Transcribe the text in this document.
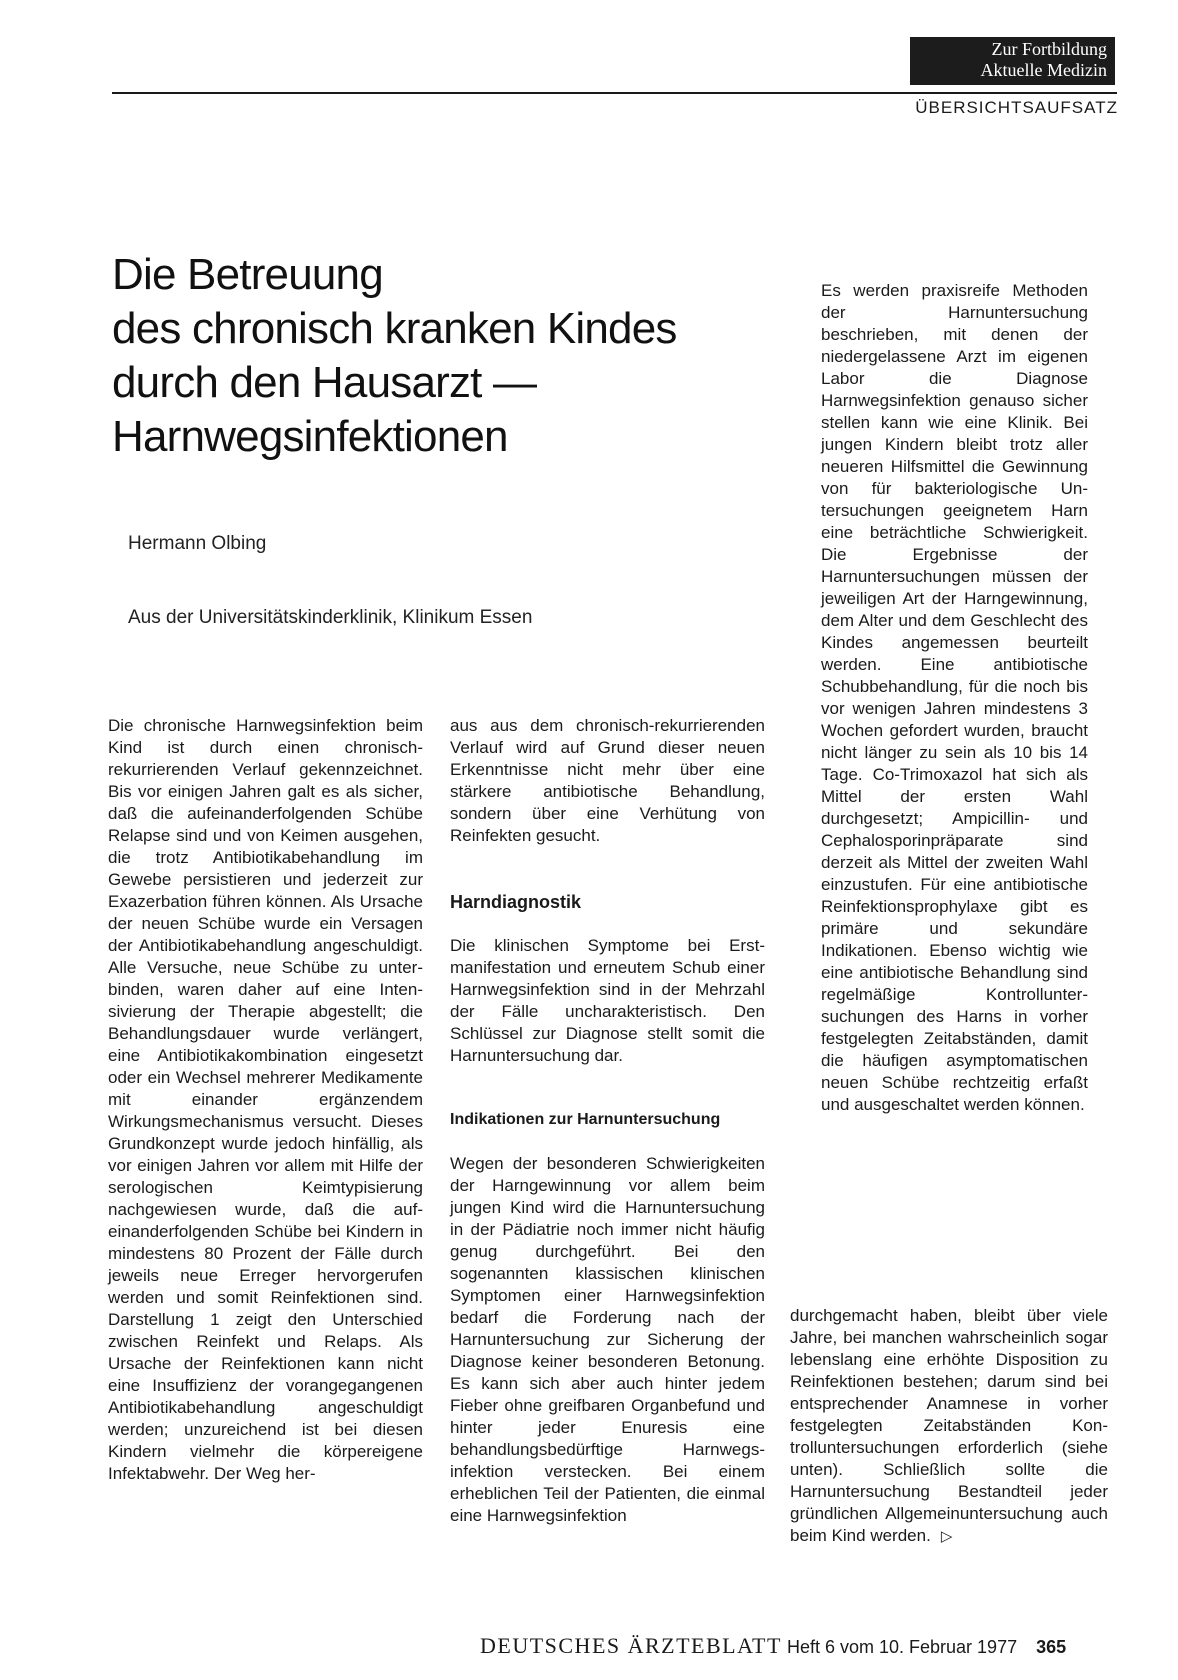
Zur Fortbildung
Aktuelle Medizin
ÜBERSICHTSAUFSATZ
Die Betreuung
des chronisch kranken Kindes
durch den Hausarzt —
Harnwegsinfektionen
Hermann Olbing
Aus der Universitätskinderklinik, Klinikum Essen

Die chronische Harnwegsinfektion beim Kind ist durch einen chronisch-rekurrierenden Verlauf gekennzeichnet. Bis vor einigen Jahren galt es als sicher, daß die aufeinanderfolgenden Schübe Relapse sind und von Keimen ausgehen, die trotz Antibiotikabehandlung im Gewebe persistieren und jederzeit zur Exazerbation führen können. Als Ursache der neuen Schübe wurde ein Versagen der Antibiotikabehandlung angeschuldigt. Alle Versuche, neue Schübe zu unterbinden, waren daher auf eine Intensivierung der Therapie abgestellt; die Behandlungsdauer wurde verlängert, eine Antibiotikakombination eingesetzt oder ein Wechsel mehrerer Medikamente mit einander ergänzendem Wirkungsmechanismus versucht. Dieses Grundkonzept wurde jedoch hinfällig, als vor einigen Jahren vor allem mit Hilfe der serologischen Keimtypisierung nachgewiesen wurde, daß die aufeinanderfolgenden Schübe bei Kindern in mindestens 80 Prozent der Fälle durch jeweils neue Erreger hervorgerufen werden und somit Reinfektionen sind. Darstellung 1 zeigt den Unterschied zwischen Reinfekt und Relaps. Als Ursache der Reinfektionen kann nicht eine Insuffizienz der vorangegangenen Antibiotikabehandlung angeschuldigt werden; unzureichend ist bei diesen Kindern vielmehr die körpereigene Infektabwehr. Der Weg her-

aus aus dem chronisch-rekurrierenden Verlauf wird auf Grund dieser neuen Erkenntnisse nicht mehr über eine stärkere antibiotische Behandlung, sondern über eine Verhütung von Reinfekten gesucht.

Harndiagnostik

Die klinischen Symptome bei Erstmanifestation und erneutem Schub einer Harnwegsinfektion sind in der Mehrzahl der Fälle uncharakteristisch. Den Schlüssel zur Diagnose stellt somit die Harnuntersuchung dar.

Indikationen zur Harnuntersuchung

Wegen der besonderen Schwierigkeiten der Harngewinnung vor allem beim jungen Kind wird die Harnuntersuchung in der Pädiatrie noch immer nicht häufig genug durchgeführt. Bei den sogenannten klassischen klinischen Symptomen einer Harnwegsinfektion bedarf die Forderung nach der Harnuntersuchung zur Sicherung der Diagnose keiner besonderen Betonung. Es kann sich aber auch hinter jedem Fieber ohne greifbaren Organbefund und hinter jeder Enuresis eine behandlungsbedürftige Harnwegsinfektion verstecken. Bei einem erheblichen Teil der Patienten, die einmal eine Harnwegsinfektion

Es werden praxisreife Methoden der Harnuntersuchung beschrieben, mit denen der niedergelassene Arzt im eigenen Labor die Diagnose Harnwegsinfektion genauso sicher stellen kann wie eine Klinik. Bei jungen Kindern bleibt trotz aller neueren Hilfsmittel die Gewinnung von für bakteriologische Untersuchungen geeignetem Harn eine beträchtliche Schwierigkeit. Die Ergebnisse der Harnuntersuchungen müssen der jeweiligen Art der Harngewinnung, dem Alter und dem Geschlecht des Kindes angemessen beurteilt werden. Eine antibiotische Schubbehandlung, für die noch bis vor wenigen Jahren mindestens 3 Wochen gefordert wurden, braucht nicht länger zu sein als 10 bis 14 Tage. Co-Trimoxazol hat sich als Mittel der ersten Wahl durchgesetzt; Ampicillin- und Cephalosporinpräparate sind derzeit als Mittel der zweiten Wahl einzustufen. Für eine antibiotische Reinfektionsprophylaxe gibt es primäre und sekundäre Indikationen. Ebenso wichtig wie eine antibiotische Behandlung sind regelmäßige Kontrolluntersuchungen des Harns in vorher festgelegten Zeitabständen, damit die häufigen asymptomatischen neuen Schübe rechtzeitig erfaßt und ausgeschaltet werden können.

durchgemacht haben, bleibt über viele Jahre, bei manchen wahrscheinlich sogar lebenslang eine erhöhte Disposition zu Reinfektionen bestehen; darum sind bei entsprechender Anamnese in vorher festgelegten Zeitabständen Kontrolluntersuchungen erforderlich (siehe unten). Schließlich sollte die Harnuntersuchung Bestandteil jeder gründlichen Allgemeinuntersuchung auch beim Kind werden. ▷

DEUTSCHES ÄRZTEBLATT Heft 6 vom 10. Februar 1977 365
